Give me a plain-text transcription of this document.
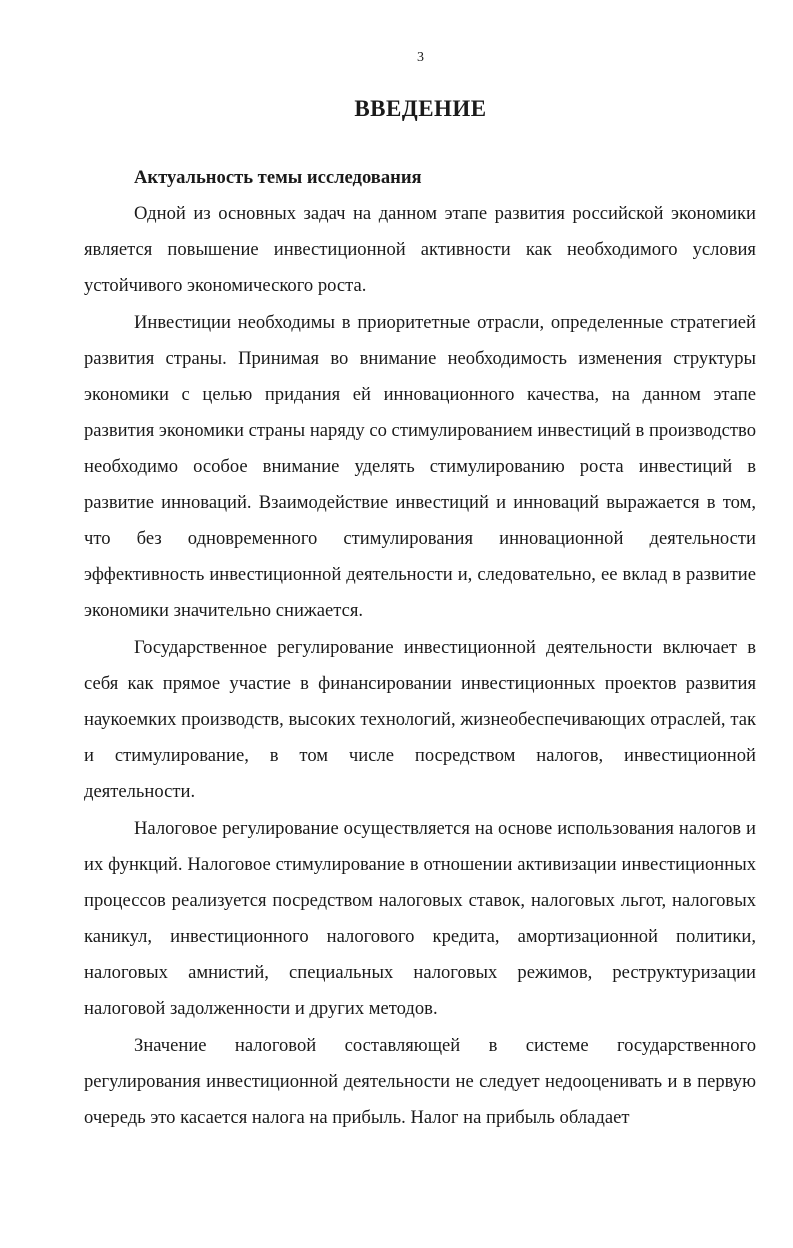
3
ВВЕДЕНИЕ

Актуальность темы исследования

Одной из основных задач на данном этапе развития российской экономики является повышение инвестиционной активности как необходимого условия устойчивого экономического роста.

Инвестиции необходимы в приоритетные отрасли, определенные стратегией развития страны. Принимая во внимание необходимость изменения структуры экономики с целью придания ей инновационного качества, на данном этапе развития экономики страны наряду со стимулированием инвестиций в производство необходимо особое внимание уделять стимулированию роста инвестиций в развитие инноваций. Взаимодействие инвестиций и инноваций выражается в том, что без одновременного стимулирования инновационной деятельности эффективность инвестиционной деятельности и, следовательно, ее вклад в развитие экономики значительно снижается.

Государственное регулирование инвестиционной деятельности включает в себя как прямое участие в финансировании инвестиционных проектов развития наукоемких производств, высоких технологий, жизнеобеспечивающих отраслей, так и стимулирование, в том числе посредством налогов, инвестиционной деятельности.

Налоговое регулирование осуществляется на основе использования налогов и их функций. Налоговое стимулирование в отношении активизации инвестиционных процессов реализуется посредством налоговых ставок, налоговых льгот, налоговых каникул, инвестиционного налогового кредита, амортизационной политики, налоговых амнистий, специальных налоговых режимов, реструктуризации налоговой задолженности и других методов.

Значение налоговой составляющей в системе государственного регулирования инвестиционной деятельности не следует недооценивать и в первую очередь это касается налога на прибыль. Налог на прибыль обладает
